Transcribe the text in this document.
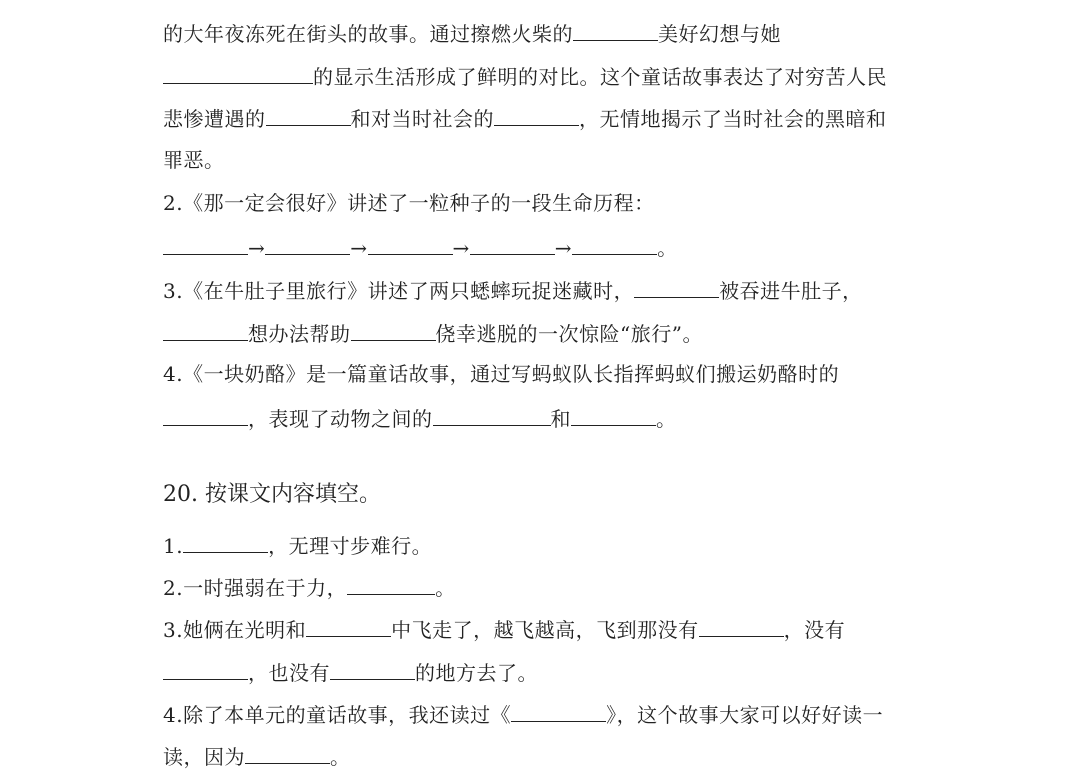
的大年夜冻死在街头的故事。通过擦燃火柴的	美好幻想与她
的显示生活形成了鲜明的对比。这个童话故事表达了对穷苦人民
悲惨遭遇的	和对当时社会的	，无情地揭示了当时社会的黑暗和
罪恶。
2.《那一定会很好》讲述了一粒种子的一段生命历程：
→	→	→	→	。
3.《在牛肚子里旅行》讲述了两只蟋蟀玩捉迷藏时，	被吞进牛肚子，
想办法帮助	侥幸逃脱的一次惊险“旅行”。
4.《一块奶酪》是一篇童话故事，通过写蚂蚁队长指挥蚂蚁们搬运奶酪时的
，表现了动物之间的	和	。
20. 按课文内容填空。
1.	，无理寸步难行。
2.一时强弱在于力，	。
3.她俩在光明和	中飞走了，越飞越高，飞到那没有	，没有
，也没有	的地方去了。
4.除了本单元的童话故事，我还读过《	》，这个故事大家可以好好读一
读，因为	。
